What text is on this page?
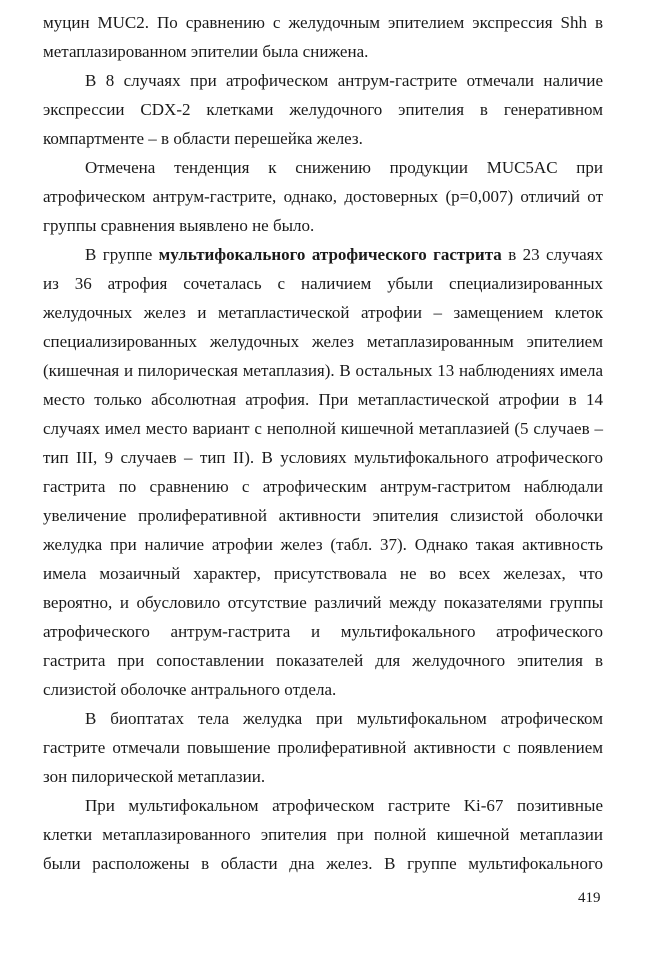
муцин MUC2. По сравнению с желудочным эпителием экспрессия Shh в метаплазированном эпителии была снижена.

В 8 случаях при атрофическом антрум-гастрите отмечали наличие экспрессии CDX-2 клетками желудочного эпителия в генеративном компартменте – в области перешейка желез.

Отмечена тенденция к снижению продукции MUC5AC при атрофическом антрум-гастрите, однако, достоверных (p=0,007) отличий от группы сравнения выявлено не было.

В группе мультифокального атрофического гастрита в 23 случаях из 36 атрофия сочеталась с наличием убыли специализированных желудочных желез и метапластической атрофии – замещением клеток специализированных желудочных желез метаплазированным эпителием (кишечная и пилорическая метаплазия). В остальных 13 наблюдениях имела место только абсолютная атрофия. При метапластической атрофии в 14 случаях имел место вариант с неполной кишечной метаплазией (5 случаев – тип III, 9 случаев – тип II). В условиях мультифокального атрофического гастрита по сравнению с атрофическим антрум-гастритом наблюдали увеличение пролиферативной активности эпителия слизистой оболочки желудка при наличие атрофии желез (табл. 37). Однако такая активность имела мозаичный характер, присутствовала не во всех железах, что вероятно, и обусловило отсутствие различий между показателями группы атрофического антрум-гастрита и мультифокального атрофического гастрита при сопоставлении показателей для желудочного эпителия в слизистой оболочке антрального отдела.

В биоптатах тела желудка при мультифокальном атрофическом гастрите отмечали повышение пролиферативной активности с появлением зон пилорической метаплазии.

При мультифокальном атрофическом гастрите Ki-67 позитивные клетки метаплазированного эпителия при полной кишечной метаплазии были расположены в области дна желез. В группе мультифокального

419
